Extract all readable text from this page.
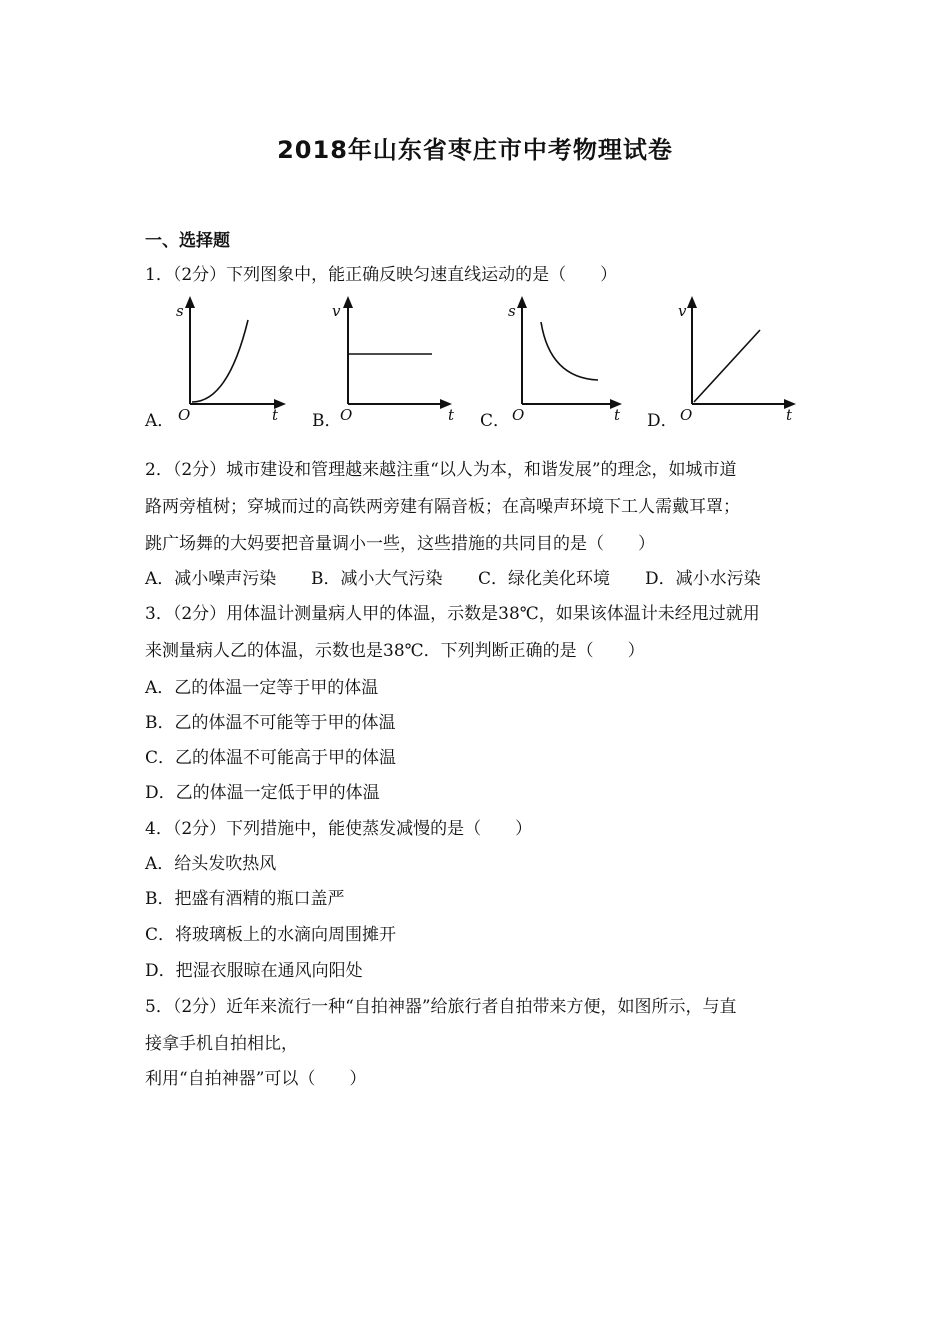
2018年山东省枣庄市中考物理试卷
一、选择题
1．（2分）下列图象中，能正确反映匀速直线运动的是（　　）
A．
s
t
O	B．
v
t
O	C．
s
t
O	D．
v
t
O
2．（2分）城市建设和管理越来越注重“以人为本，和谐发展”的理念，如城市道
路两旁植树；穿城而过的高铁两旁建有隔音板；在高噪声环境下工人需戴耳罩；
跳广场舞的大妈要把音量调小一些，这些措施的共同目的是（　　）
A．减小噪声污染 B．减小大气污染 C．绿化美化环境 D．减小水污染
3．（2分）用体温计测量病人甲的体温，示数是38℃，如果该体温计未经甩过就用
来测量病人乙的体温，示数也是38℃．下列判断正确的是（　　）
A．乙的体温一定等于甲的体温
B．乙的体温不可能等于甲的体温
C．乙的体温不可能高于甲的体温
D．乙的体温一定低于甲的体温
4．（2分）下列措施中，能使蒸发减慢的是（　　）
A．给头发吹热风
B．把盛有酒精的瓶口盖严
C．将玻璃板上的水滴向周围摊开
D．把湿衣服晾在通风向阳处
5．（2分）近年来流行一种“自拍神器”给旅行者自拍带来方便，如图所示，与直
接拿手机自拍相比，
利用“自拍神器”可以（　　）
